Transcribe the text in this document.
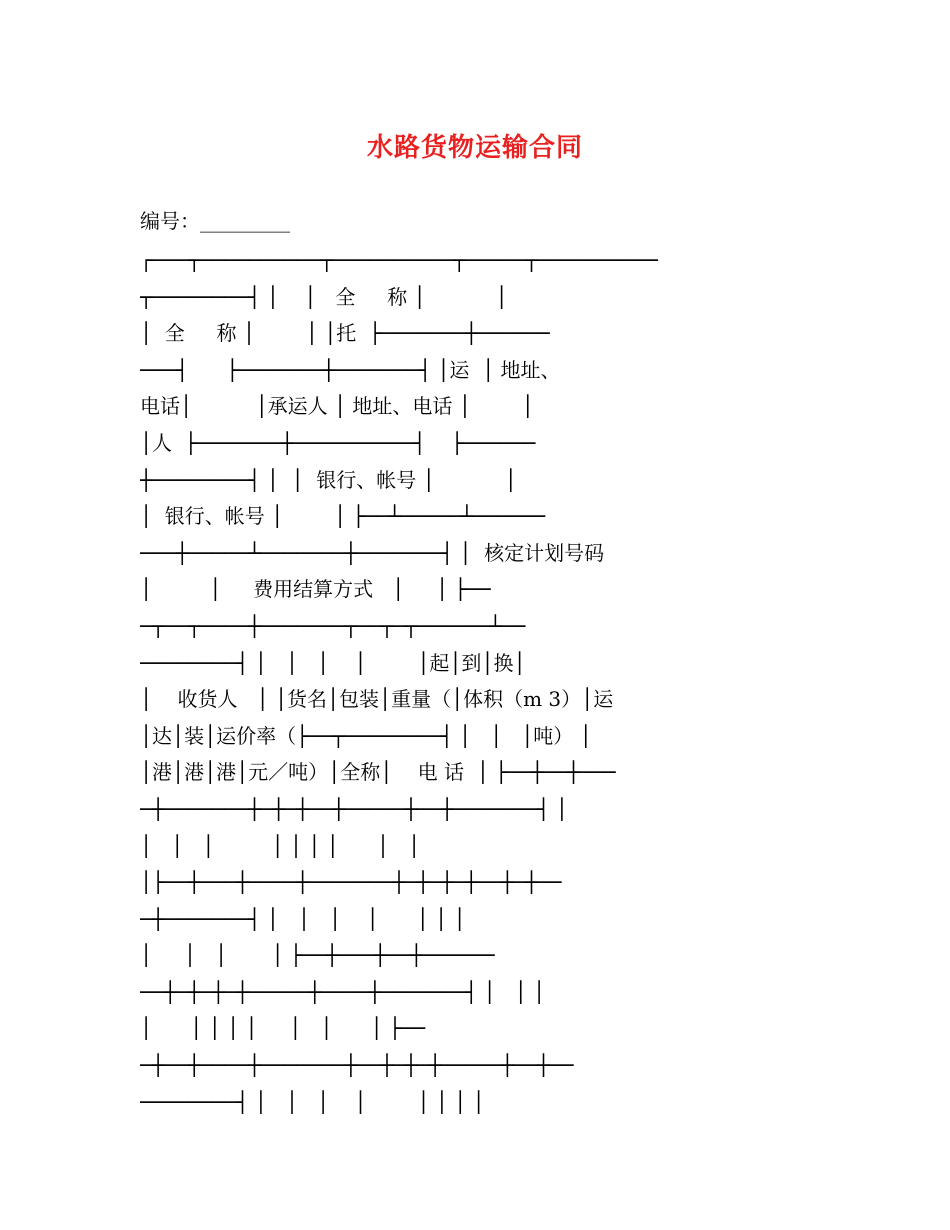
水路货物运输合同
编号：_________
┌───┬──────────┬──────────┬─────┬──────────
┬────────┤ │    │   全     称 │           │
│  全     称 │        │ │托  ├───────┼──────
───┤      ├───────┼───────┤ │运  │ 地址、
电话│          │承运人 │ 地址、电话 │        │
│人  ├───────┼──────────┤    ├──────
┼────────┤ │  │  银行、帐号 │           │
│  银行、帐号 │        │ ├──┴─────┴──────
───┼─────┴───────┼───────┤ │  核定计划号码
│         │     费用结算方式   │     │ ├──
─┬──┬────┼───────┬──┬─┬──────┴──
────────┤ │   │   │    │        │起│到│换│
│    收货人   │ │货名│包装│重量（│体积（m 3）│运
│达│装│运价率（├──┬────────┤ │   │   │吨） │
│港│港│港│元／吨）│全称│    电 话  │ ├──┼──┼───
─┼───────┼─┼─┼──┼─────┼──┼───────┤ │
│   │   │         │ │ │ │      │   │
│├──┼───┼────┼───────┼─┼─┼─┼──┼─┼──
─┼───────┤ │   │   │    │      │ │ │
│     │   │       │ ├──┼───┼──┼──────
──┼─┼─┼─┼─────┼────┼───────┤ │   │ │
│      │ │ │ │     │   │      │ ├──
─┼──┼────┼───────┼──┼─┼─┼─────┼──┼──
────────┤ │   │   │    │        │ │ │ │
